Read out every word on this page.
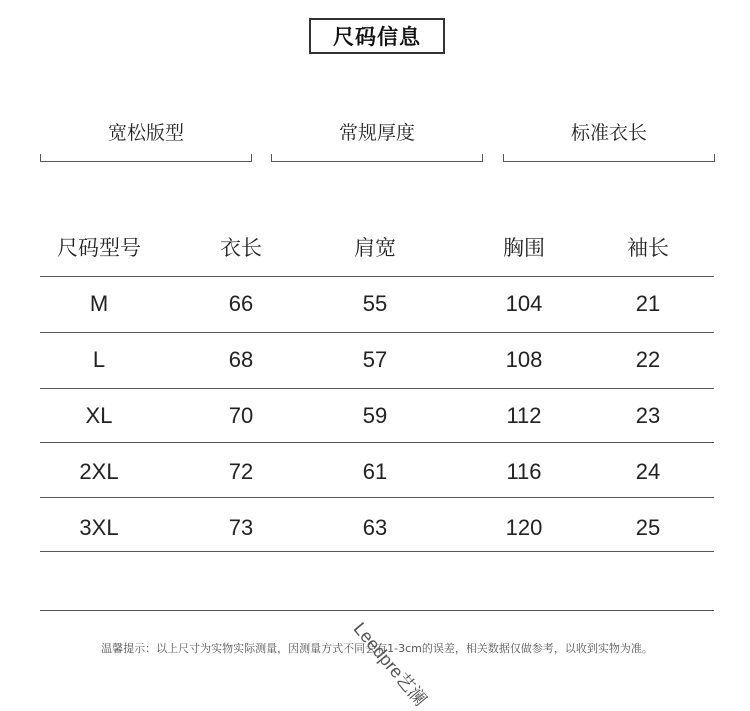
尺码信息
宽松版型	常规厚度	标准衣长
尺码型号	衣长	肩宽	胸围	袖长
M	66	55	104	21
L	68	57	108	22
XL	70	59	112	23
2XL	72	61	116	24
3XL	73	63	120	25
温馨提示：以上尺寸为实物实际测量，因测量方式不同会有1-3cm的误差，相关数据仅做参考，以收到实物为准。
Leedpre艺澜
